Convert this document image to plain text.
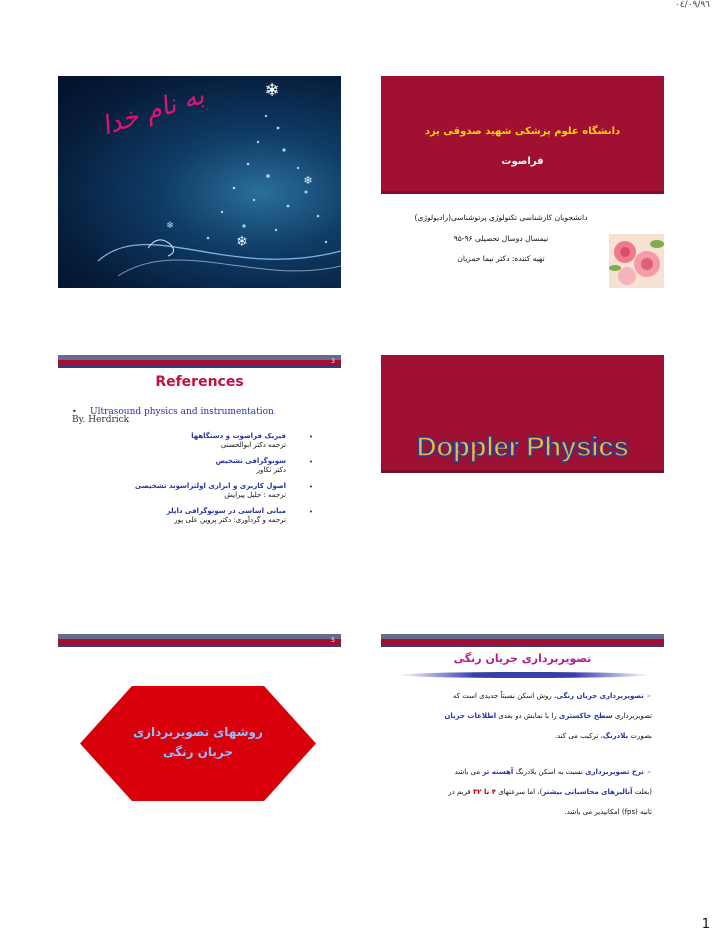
٠٤/٠٩/٩٦
❄
❄
❄
❄
به نام خدا	دانشگاه علوم پزشکی شهید صدوقی یزد
فراصوت
دانشجویان کارشناسی تکنولوژی پرتوشناسی(رادیولوژی)
نیمسال دوسال تحصیلی ۹۶-۹۵
تهیه کننده: دکتر نیما حمزیان
3
References
• Ultrasound physics and instrumentation
By. Herdrick
•
فیزیک فراصوت و دستگاهها
ترجمه دکتر ابوالحسنی
•
سونوگرافی تشخیص
دکتر تکاور
•
اصول کاربری و ابزاری اولتراسوند تشخیصی
ترجمه : جلیل پیرایش
•
مبانی اساسی در سونوگرافی داپلر
ترجمه و گردآوری: دکتر پروین علی پور
Doppler Physics
5
روشهای تصویربرداری
جریان رنگی
تصویربرداری جریان رنگی
➢ تصویربرداری جریان رنگی، روش اسکن نسبتاً جدیدی است که
تصویربرداری سطح خاکستری را با نمایش دو بعدی اطلاعات جریان
بصورت بلادرنگ، ترکیب می کند.
➢ نرخ تصویربرداری نسبت به اسکن بلادرنگ آهسته تر می باشد
(بعلت آنالیزهای محاسباتی بیشتر)، اما سرعتهای ۴ تا ۳۲ فریم در
ثانیه (fps) امکانپذیر می باشد.
1
